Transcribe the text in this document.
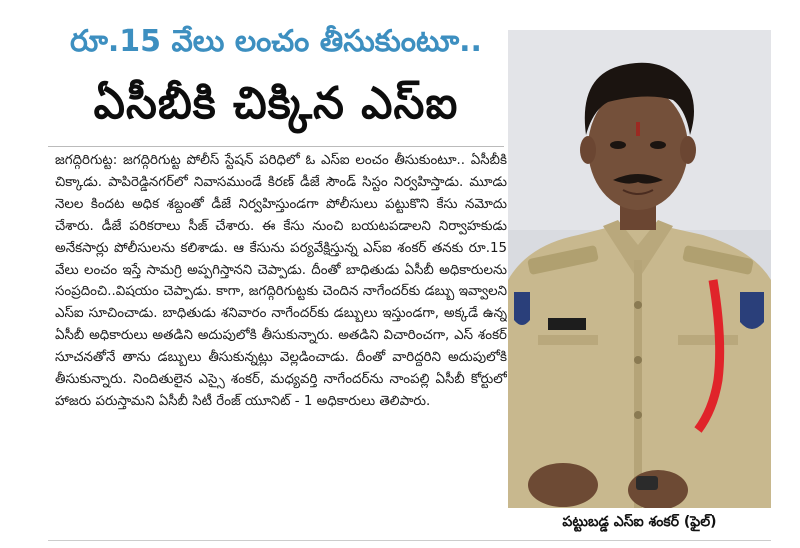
రూ.15 వేలు లంచం తీసుకుంటూ..
ఏసీబీకి చిక్కిన ఎస్ఐ
జగద్గిరిగుట్ట: జగద్గిరిగుట్ట పోలీస్ స్టేషన్ పరిధిలో ఓ ఎస్ఐ లంచం తీసుకుంటూ.. ఏసీబీకి చిక్కాడు. పాపిరెడ్డినగర్‌లో నివాసముండే కిరణ్ డీజే సౌండ్ సిస్టం నిర్వహిస్తాడు. మూడు నెలల కిందట అధిక శబ్దంతో డీజే నిర్వహిస్తుండగా పోలీసులు పట్టుకొని కేసు నమోదు చేశారు. డీజే పరికరాలు సీజ్ చేశారు. ఈ కేసు నుంచి బయటపడాలని నిర్వాహకుడు అనేకసార్లు పోలీసులను కలిశాడు. ఆ కేసును పర్యవేక్షిస్తున్న ఎస్ఐ శంకర్ తనకు రూ.15 వేలు లంచం ఇస్తే సామగ్రి అప్పగిస్తానని చెప్పాడు. దీంతో బాధితుడు ఏసీబీ అధికారులను సంప్రదించి..విషయం చెప్పాడు. కాగా, జగద్గిరిగుట్టకు చెందిన నాగేందర్‌కు డబ్బు ఇవ్వాలని ఎస్ఐ సూచించాడు. బాధితుడు శనివారం నాగేందర్‌కు డబ్బులు ఇస్తుండగా, అక్కడే ఉన్న ఏసీబీ అధికారులు అతడిని అదుపులోకి తీసుకున్నారు. అతడిని విచారించగా, ఎస్ శంకర్ సూచనతోనే తాను డబ్బులు తీసుకున్నట్లు వెల్లడించాడు. దీంతో వారిద్దరిని అదుపులోకి తీసుకున్నారు. నిందితులైన ఎస్సై శంకర్, మధ్యవర్తి నాగేందర్‌ను నాంపల్లి ఏసీబీ కోర్టులో హాజరు పరుస్తామని ఏసీబీ సిటీ రేంజ్ యూనిట్ - 1 అధికారులు తెలిపారు.
పట్టుబడ్డ ఎస్ఐ శంకర్ (ఫైల్)
